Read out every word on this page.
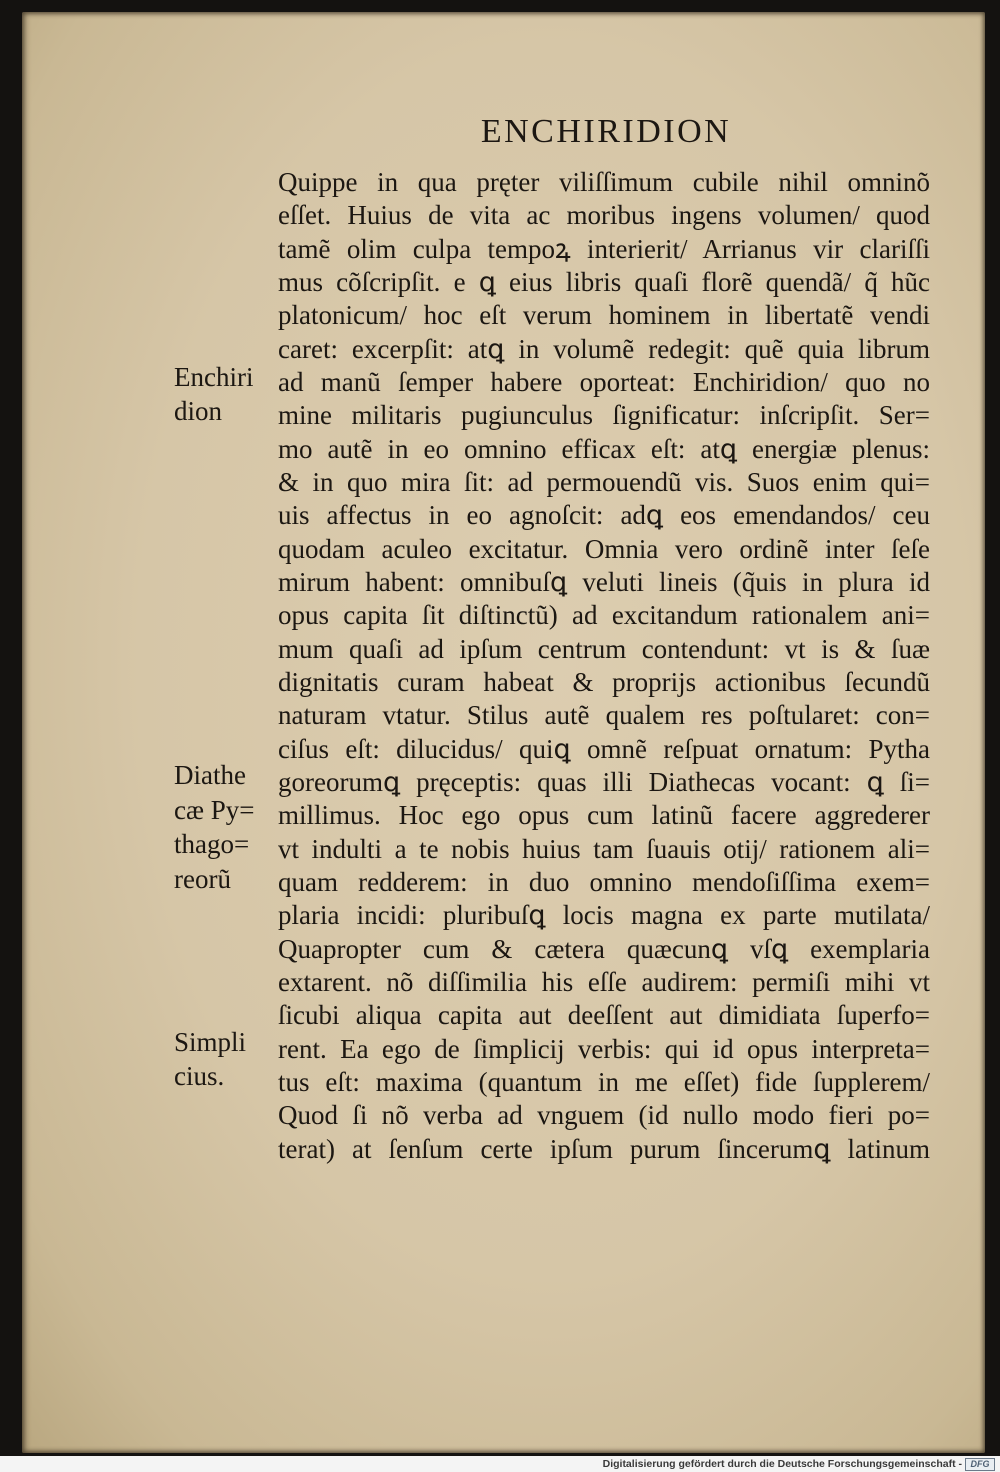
ENCHIRIDION
Quippe in qua pręter viliſſimum cubile nihil omninõ
eſſet. Huius de vita ac moribus ingens volumen/ quod
tamẽ olim culpa tempoꝝ interierit/ Arrianus vir clariſſi
mus cõſcripſit. e ꝗ eius libris quaſi florẽ quendã/ q̃ hũc
platonicum/ hoc eſt verum hominem in libertatẽ vendi
caret: excerpſit: atꝗ in volumẽ redegit: quẽ quia librum
ad manũ ſemper habere oporteat: Enchiridion/ quo no
mine militaris pugiunculus ſignificatur: inſcripſit. Ser=
mo autẽ in eo omnino efficax eſt: atꝗ energiæ plenus:
& in quo mira ſit: ad permouendũ vis. Suos enim qui=
uis affectus in eo agnoſcit: adꝗ eos emendandos/ ceu
quodam aculeo excitatur. Omnia vero ordinẽ inter ſeſe
mirum habent: omnibuſꝗ veluti lineis (q̃uis in plura id
opus capita ſit diſtinctũ) ad excitandum rationalem ani=
mum quaſi ad ipſum centrum contendunt: vt is & ſuæ
dignitatis curam habeat & proprijs actionibus ſecundũ
naturam vtatur. Stilus autẽ qualem res poſtularet: con=
ciſus eſt: dilucidus/ quiꝗ omnẽ reſpuat ornatum: Pytha
goreorumꝗ pręceptis: quas illi Diathecas vocant: ꝗ ſi=
millimus. Hoc ego opus cum latinũ facere aggrederer
vt indulti a te nobis huius tam ſuauis otij/ rationem ali=
quam redderem: in duo omnino mendoſiſſima exem=
plaria incidi: pluribuſꝗ locis magna ex parte mutilata/
Quapropter cum & cætera quæcunꝗ vſꝗ exemplaria
extarent. nõ diſſimilia his eſſe audirem: permiſi mihi vt
ſicubi aliqua capita aut deeſſent aut dimidiata ſuperfo=
rent. Ea ego de ſimplicij verbis: qui id opus interpreta=
tus eſt: maxima (quantum in me eſſet) fide ſupplerem/
Quod ſi nõ verba ad vnguem (id nullo modo fieri po=
terat) at ſenſum certe ipſum purum ſincerumꝗ latinum
Enchiri
dion
Diathe
cæ Py=
thago=
reorũ
Simpli
cius.
Digitalisierung gefördert durch die Deutsche Forschungsgemeinschaft - DFG
